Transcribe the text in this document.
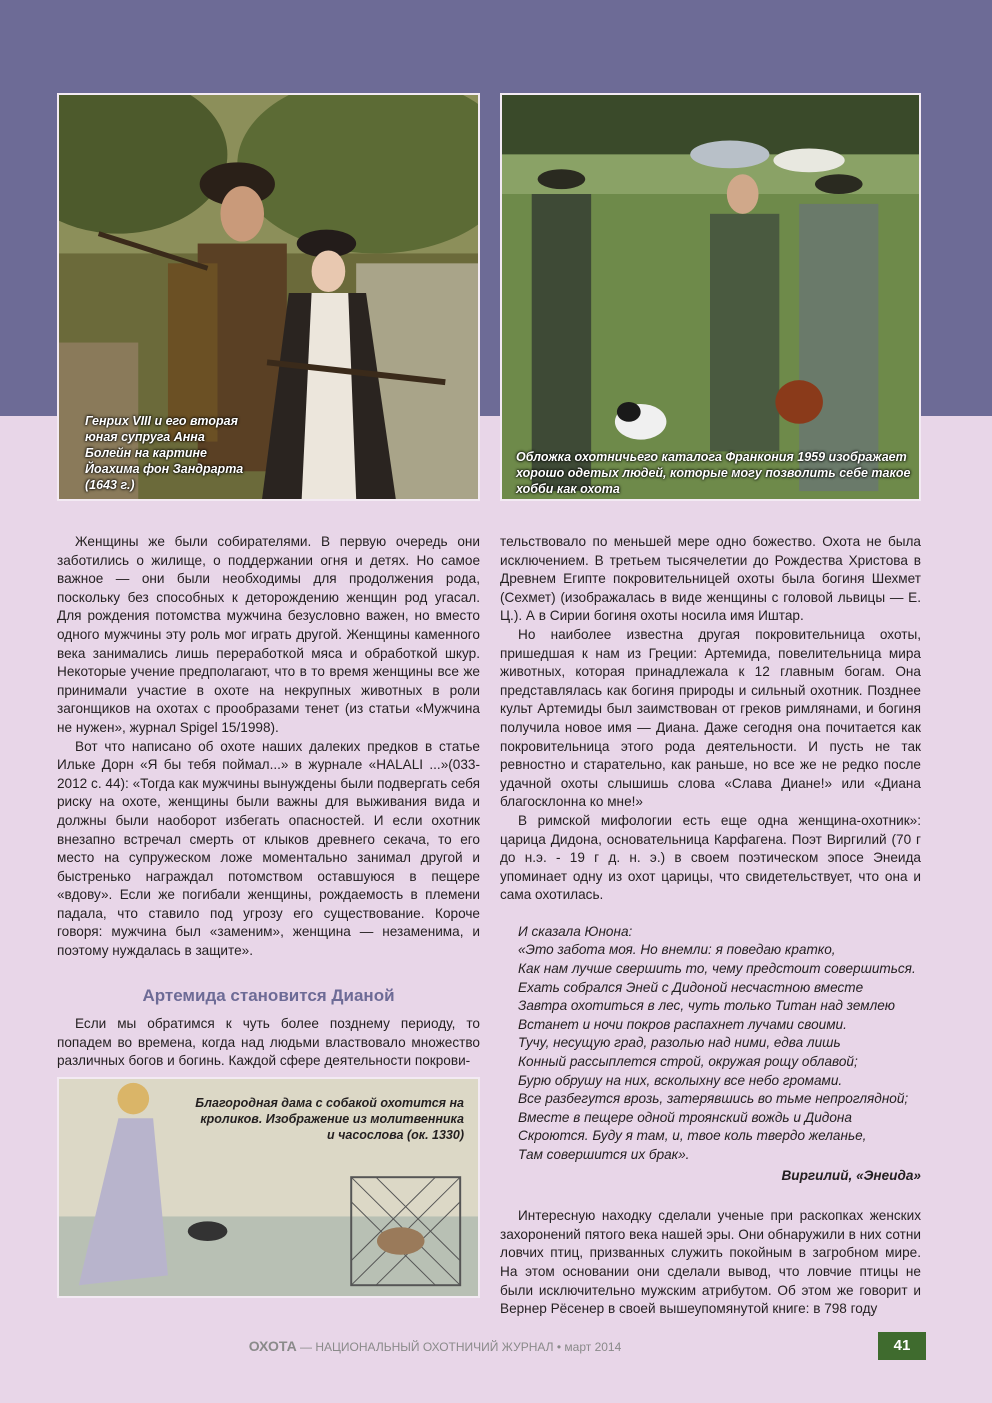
Генрих VIII и его вторая юная супруга Анна Болейн на картине Йоахима фон Зандрарта (1643 г.)
Обложка охотничьего каталога Франкония 1959 изображает хорошо одетых людей, которые могу позволить себе такое хобби как охота

Женщины же были собирателями. В первую очередь они заботились о жилище, о поддержании огня и детях. Но самое важное — они были необходимы для продолжения рода, поскольку без способных к деторождению женщин род угасал. Для рождения потомства мужчина безусловно важен, но вместо одного мужчины эту роль мог играть другой. Женщины каменного века занимались лишь переработкой мяса и обработкой шкур. Некоторые учение предполагают, что в то время женщины все же принимали участие в охоте на некрупных животных в роли загонщиков на охотах с прообразами тенет (из статьи «Мужчина не нужен», журнал Spigel 15/1998).

Вот что написано об охоте наших далеких предков в статье Ильке Дорн «Я бы тебя поймал...» в журнале «HALALI ...»(033-2012 с. 44): «Тогда как мужчины вынуждены были подвергать себя риску на охоте, женщины были важны для выживания вида и должны были наоборот избегать опасностей. И если охотник внезапно встречал смерть от клыков древнего секача, то его место на супружеском ложе моментально занимал другой и быстренько награждал потомством оставшуюся в пещере «вдову». Если же погибали женщины, рождаемость в племени падала, что ставило под угрозу его существование. Короче говоря: мужчина был «заменим», женщина — незаменима, и поэтому нуждалась в защите».

Артемида становится Дианой

Если мы обратимся к чуть более позднему периоду, то попадем во времена, когда над людьми властвовало множество различных богов и богинь. Каждой сфере деятельности покрови-

Благородная дама с собакой охотится на кроликов. Изображение из молитвенника и часослова (ок. 1330)

тельствовало по меньшей мере одно божество. Охота не была исключением. В третьем тысячелетии до Рождества Христова в Древнем Египте покровительницей охоты была богиня Шехмет (Сехмет) (изображалась в виде женщины с головой львицы — Е. Ц.). А в Сирии богиня охоты носила имя Иштар.

Но наиболее известна другая покровительница охоты, пришедшая к нам из Греции: Артемида, повелительница мира животных, которая принадлежала к 12 главным богам. Она представлялась как богиня природы и сильный охотник. Позднее культ Артемиды был заимствован от греков римлянами, и богиня получила новое имя — Диана. Даже сегодня она почитается как покровительница этого рода деятельности. И пусть не так ревностно и старательно, как раньше, но все же не редко после удачной охоты слышишь слова «Слава Диане!» или «Диана благосклонна ко мне!»

В римской мифологии есть еще одна женщина-охотник»: царица Дидона, основательница Карфагена. Поэт Виргилий (70 г до н.э. - 19 г д. н. э.) в своем поэтическом эпосе Энеида упоминает одну из охот царицы, что свидетельствует, что она и сама охотилась.

И сказала Юнона:
«Это забота моя. Но внемли: я поведаю кратко,
Как нам лучше свершить то, чему предстоит совершиться.
Ехать собрался Эней с Дидоной несчастною вместе
Завтра охотиться в лес, чуть только Титан над землею
Встанет и ночи покров распахнет лучами своими.
Тучу, несущую град, разолью над ними, едва лишь
Конный рассыплется строй, окружая рощу облавой;
Бурю обрушу на них, всколыхну все небо громами.
Все разбегутся врозь, затерявшись во тьме непроглядной;
Вместе в пещере одной троянский вождь и Дидона
Скроются. Буду я там, и, твое коль твердо желанье,
Там совершится их брак».
Виргилий, «Энеида»

Интересную находку сделали ученые при раскопках женских захоронений пятого века нашей эры. Они обнаружили в них сотни ловчих птиц, призванных служить покойным в загробном мире. На этом основании они сделали вывод, что ловчие птицы не были исключительно мужским атрибутом. Об этом же говорит и Вернер Рёсенер в своей вышеупомянутой книге: в 798 году

ОХОТА — НАЦИОНАЛЬНЫЙ ОХОТНИЧИЙ ЖУРНАЛ • март 2014	41
